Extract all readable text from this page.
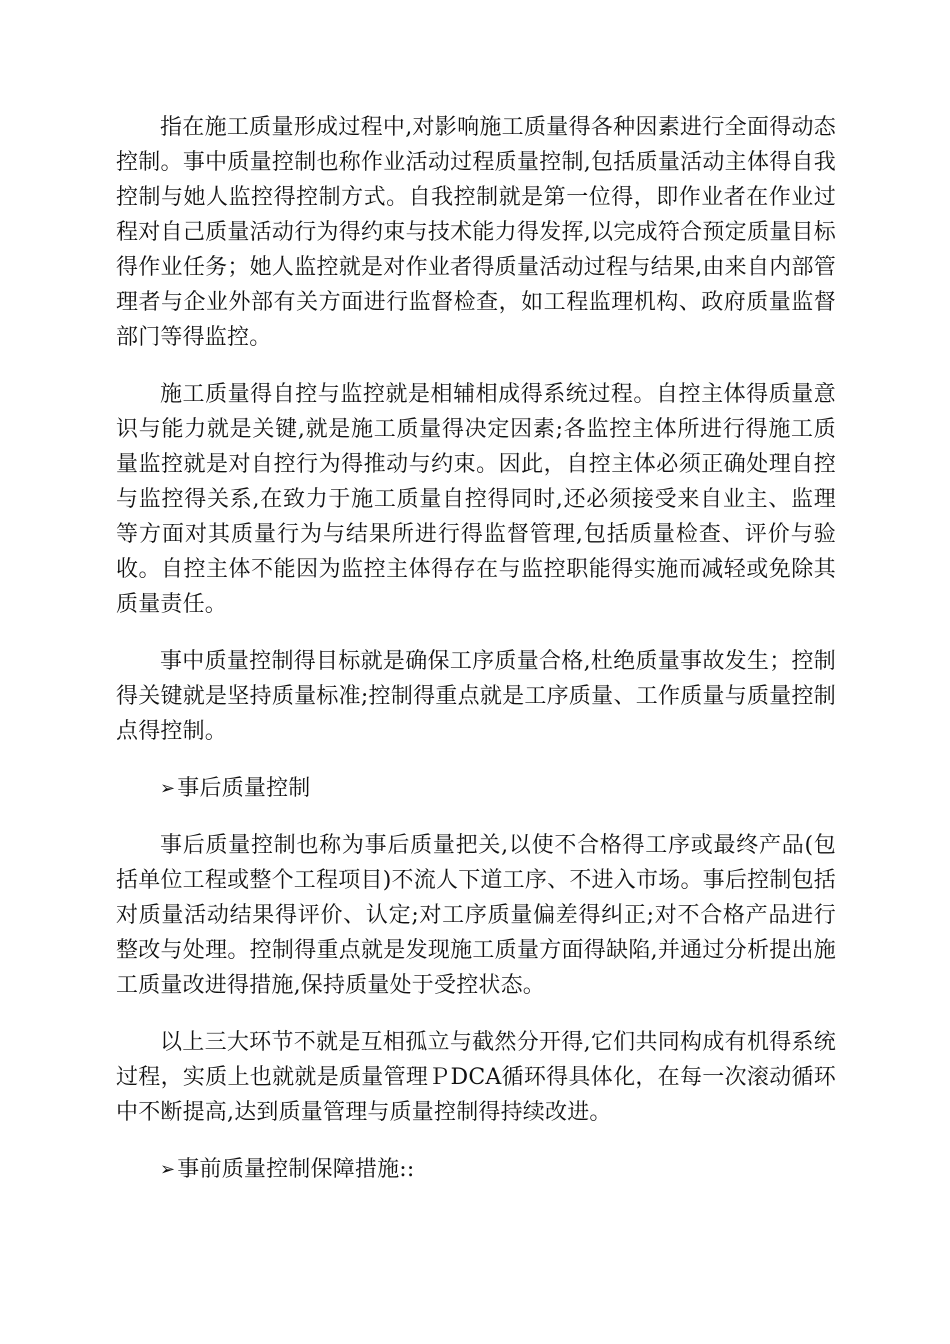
指在施工质量形成过程中,对影响施工质量得各种因素进行全面得动态控制。事中质量控制也称作业活动过程质量控制,包括质量活动主体得自我控制与她人监控得控制方式。自我控制就是第一位得，即作业者在作业过程对自己质量活动行为得约束与技术能力得发挥,以完成符合预定质量目标得作业任务；她人监控就是对作业者得质量活动过程与结果,由来自内部管理者与企业外部有关方面进行监督检查，如工程监理机构、政府质量监督部门等得监控。

施工质量得自控与监控就是相辅相成得系统过程。自控主体得质量意识与能力就是关键,就是施工质量得决定因素;各监控主体所进行得施工质量监控就是对自控行为得推动与约束。因此，自控主体必须正确处理自控与监控得关系,在致力于施工质量自控得同时,还必须接受来自业主、监理等方面对其质量行为与结果所进行得监督管理,包括质量检查、评价与验收。自控主体不能因为监控主体得存在与监控职能得实施而减轻或免除其质量责任。

事中质量控制得目标就是确保工序质量合格,杜绝质量事故发生；控制得关键就是坚持质量标准;控制得重点就是工序质量、工作质量与质量控制点得控制。

➢事后质量控制

事后质量控制也称为事后质量把关,以使不合格得工序或最终产品(包括单位工程或整个工程项目)不流人下道工序、不进入市场。事后控制包括对质量活动结果得评价、认定;对工序质量偏差得纠正;对不合格产品进行整改与处理。控制得重点就是发现施工质量方面得缺陷,并通过分析提出施工质量改进得措施,保持质量处于受控状态。

以上三大环节不就是互相孤立与截然分开得,它们共同构成有机得系统过程，实质上也就就是质量管理ＰDCA循环得具体化，在每一次滚动循环中不断提高,达到质量管理与质量控制得持续改进。

➢事前质量控制保障措施::
